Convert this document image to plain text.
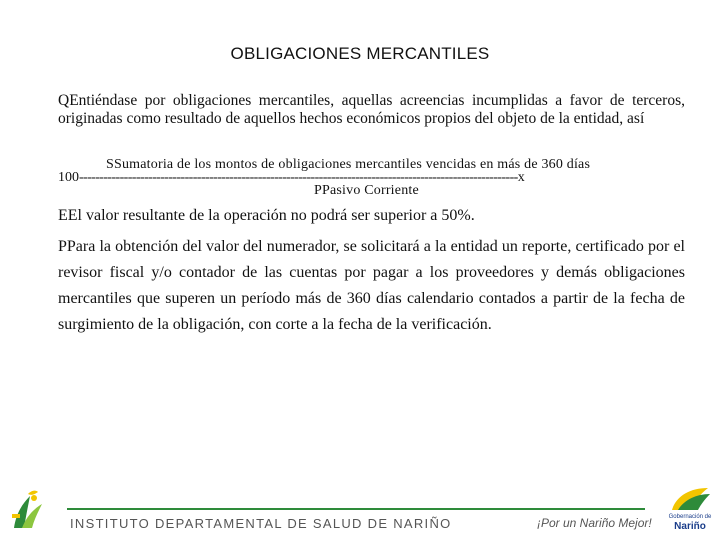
OBLIGACIONES MERCANTILES
QEntiéndase por obligaciones mercantiles, aquellas acreencias incumplidas a favor de terceros, originadas como resultado de aquellos hechos económicos propios del objeto de la entidad, así
SSumatoria de los montos de obligaciones mercantiles vencidas en más de 360 días
100------------------------------------------------------------------------------------------------------------x
PPasivo Corriente
EEl valor resultante de la operación no podrá ser superior a 50%.
PPara la obtención del valor del numerador, se solicitará a la entidad un reporte, certificado por el revisor fiscal y/o contador de las cuentas por pagar a los proveedores y demás obligaciones mercantiles que superen un período más de 360 días calendario contados a partir de la fecha de surgimiento de la obligación, con corte a la fecha de la verificación.
INSTITUTO DEPARTAMENTAL DE SALUD DE NARIÑO	¡Por un Nariño Mejor!	Gobernación de
Nariño
